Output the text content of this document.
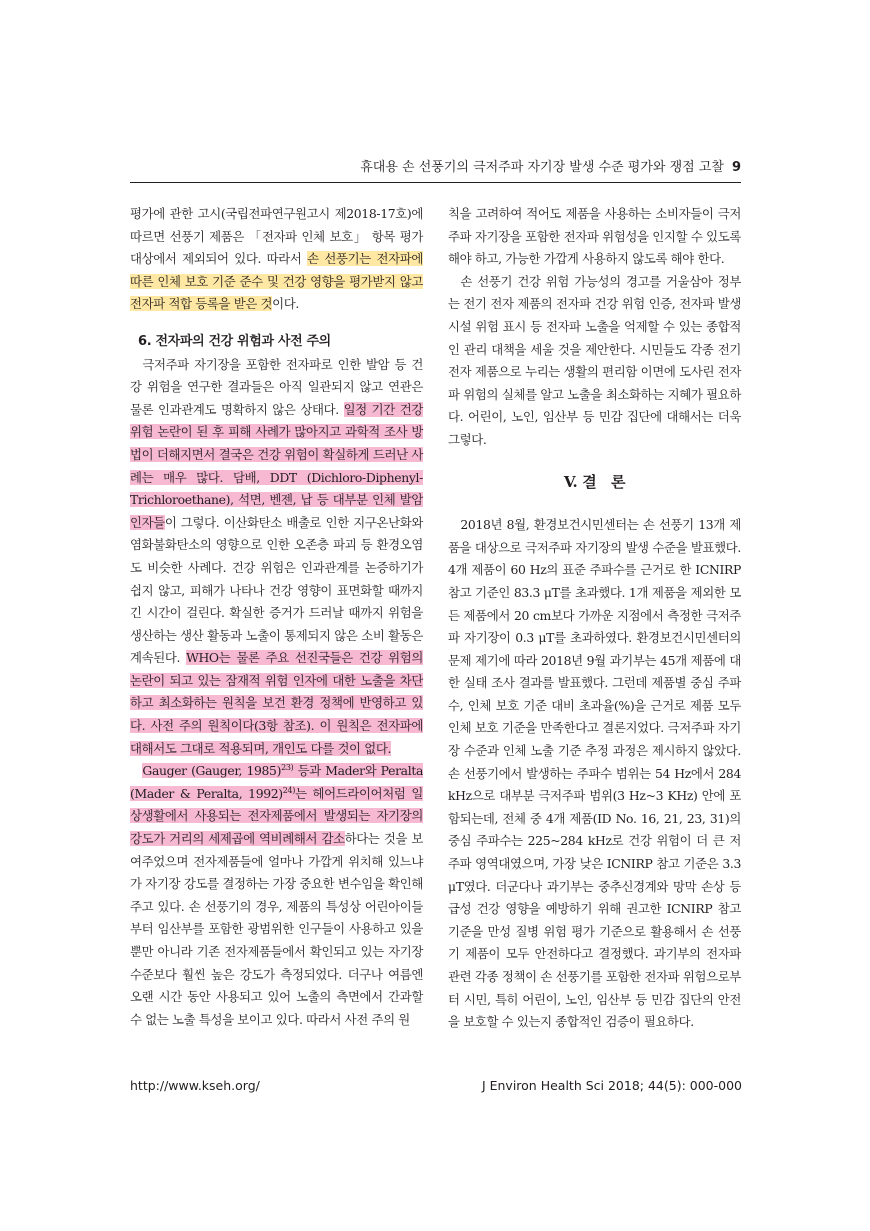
휴대용 손 선풍기의 극저주파 자기장 발생 수준 평가와 쟁점 고찰 9

평가에 관한 고시(국립전파연구원고시 제2018-17호)에 따르면 선풍기 제품은 「전자파 인체 보호」 항목 평가 대상에서 제외되어 있다. 따라서 손 선풍기는 전자파에 따른 인체 보호 기준 준수 및 건강 영향을 평가받지 않고 전자파 적합 등록을 받은 것이다.

6. 전자파의 건강 위험과 사전 주의

극저주파 자기장을 포함한 전자파로 인한 발암 등 건강 위험을 연구한 결과들은 아직 일관되지 않고 연관은 물론 인과관계도 명확하지 않은 상태다. 일정 기간 건강 위험 논란이 된 후 피해 사례가 많아지고 과학적 조사 방법이 더해지면서 결국은 건강 위험이 확실하게 드러난 사례는 매우 많다. 담배, DDT (Dichloro-Diphenyl-Trichloroethane), 석면, 벤젠, 납 등 대부분 인체 발암 인자들이 그렇다. 이산화탄소 배출로 인한 지구온난화와 염화불화탄소의 영향으로 인한 오존층 파괴 등 환경오염도 비슷한 사례다. 건강 위험은 인과관계를 논증하기가 쉽지 않고, 피해가 나타나 건강 영향이 표면화할 때까지 긴 시간이 걸린다. 확실한 증거가 드러날 때까지 위험을 생산하는 생산 활동과 노출이 통제되지 않은 소비 활동은 계속된다. WHO는 물론 주요 선진국들은 건강 위험의 논란이 되고 있는 잠재적 위험 인자에 대한 노출을 차단하고 최소화하는 원칙을 보건 환경 정책에 반영하고 있다. 사전 주의 원칙이다(3항 참조). 이 원칙은 전자파에 대해서도 그대로 적용되며, 개인도 다를 것이 없다.

Gauger (Gauger, 1985)$^{23)}$ 등과 Mader와 Peralta (Mader & Peralta, 1992)$^{24)}$는 헤어드라이어처럼 일상생활에서 사용되는 전자제품에서 발생되는 자기장의 강도가 거리의 세제곱에 역비례해서 감소하다는 것을 보여주었으며 전자제품들에 얼마나 가깝게 위치해 있느냐가 자기장 강도를 결정하는 가장 중요한 변수임을 확인해 주고 있다. 손 선풍기의 경우, 제품의 특성상 어린아이들부터 임산부를 포함한 광범위한 인구들이 사용하고 있을 뿐만 아니라 기존 전자제품들에서 확인되고 있는 자기장 수준보다 훨씬 높은 강도가 측정되었다. 더구나 여름엔 오랜 시간 동안 사용되고 있어 노출의 측면에서 간과할 수 없는 노출 특성을 보이고 있다. 따라서 사전 주의 원

칙을 고려하여 적어도 제품을 사용하는 소비자들이 극저주파 자기장을 포함한 전자파 위험성을 인지할 수 있도록 해야 하고, 가능한 가깝게 사용하지 않도록 해야 한다.

손 선풍기 건강 위험 가능성의 경고를 거울삼아 정부는 전기 전자 제품의 전자파 건강 위험 인증, 전자파 발생 시설 위험 표시 등 전자파 노출을 억제할 수 있는 종합적인 관리 대책을 세울 것을 제안한다. 시민들도 각종 전기 전자 제품으로 누리는 생활의 편리함 이면에 도사린 전자파 위험의 실체를 알고 노출을 최소화하는 지혜가 필요하다. 어린이, 노인, 임산부 등 민감 집단에 대해서는 더욱 그렇다.

V. 결　론

2018년 8월, 환경보건시민센터는 손 선풍기 13개 제품을 대상으로 극저주파 자기장의 발생 수준을 발표했다. 4개 제품이 60 Hz의 표준 주파수를 근거로 한 ICNIRP 참고 기준인 83.3 μT를 초과했다. 1개 제품을 제외한 모든 제품에서 20 cm보다 가까운 지점에서 측정한 극저주파 자기장이 0.3 μT를 초과하였다. 환경보건시민센터의 문제 제기에 따라 2018년 9월 과기부는 45개 제품에 대한 실태 조사 결과를 발표했다. 그런데 제품별 중심 주파수, 인체 보호 기준 대비 초과율(%)을 근거로 제품 모두 인체 보호 기준을 만족한다고 결론지었다. 극저주파 자기장 수준과 인체 노출 기준 추정 과정은 제시하지 않았다. 손 선풍기에서 발생하는 주파수 범위는 54 Hz에서 284 kHz으로 대부분 극저주파 범위(3 Hz~3 KHz) 안에 포함되는데, 전체 중 4개 제품(ID No. 16, 21, 23, 31)의 중심 주파수는 225~284 kHz로 건강 위험이 더 큰 저주파 영역대였으며, 가장 낮은 ICNIRP 참고 기준은 3.3 μT였다. 더군다나 과기부는 중추신경계와 망막 손상 등 급성 건강 영향을 예방하기 위해 권고한 ICNIRP 참고 기준을 만성 질병 위험 평가 기준으로 활용해서 손 선풍기 제품이 모두 안전하다고 결정했다. 과기부의 전자파 관련 각종 정책이 손 선풍기를 포함한 전자파 위험으로부터 시민, 특히 어린이, 노인, 임산부 등 민감 집단의 안전을 보호할 수 있는지 종합적인 검증이 필요하다.

http://www.kseh.org/	J Environ Health Sci 2018; 44(5): 000-000
